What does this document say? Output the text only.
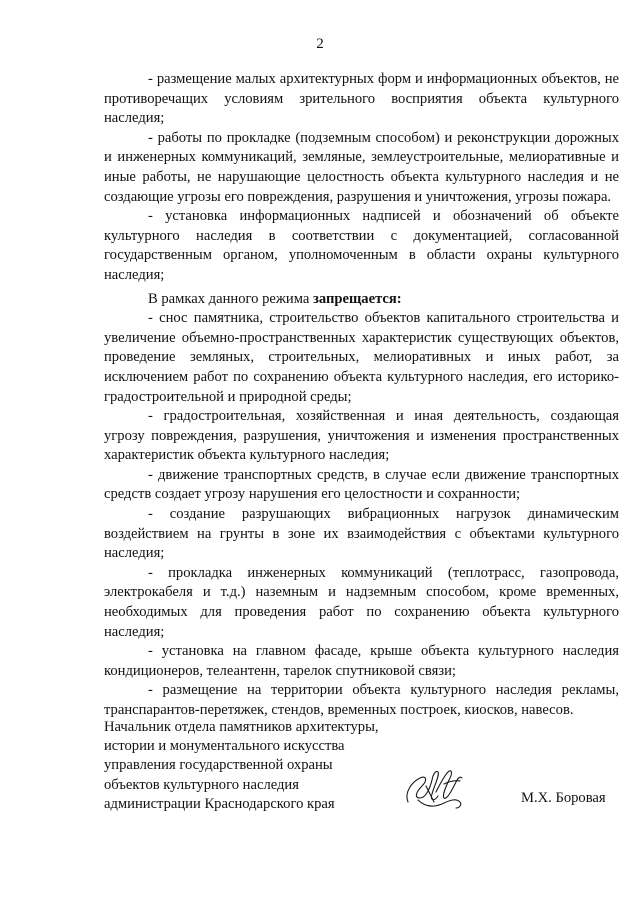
2

- размещение малых архитектурных форм и информационных объектов, не противоречащих условиям зрительного восприятия объекта культурного наследия;

- работы по прокладке (подземным способом) и реконструкции дорожных и инженерных коммуникаций, земляные, землеустроительные, мелиоративные и иные работы, не нарушающие целостность объекта культурного наследия и не создающие угрозы его повреждения, разрушения и уничтожения, угрозы пожара.

- установка информационных надписей и обозначений об объекте культурного наследия в соответствии с документацией, согласованной государственным органом, уполномоченным в области охраны культурного наследия;

В рамках данного режима запрещается:

- снос памятника, строительство объектов капитального строительства и увеличение объемно-пространственных характеристик существующих объектов, проведение земляных, строительных, мелиоративных и иных работ, за исключением работ по сохранению объекта культурного наследия, его историко-градостроительной и природной среды;

- градостроительная, хозяйственная и иная деятельность, создающая угрозу повреждения, разрушения, уничтожения и изменения пространственных характеристик объекта культурного наследия;

- движение транспортных средств, в случае если движение транспортных средств создает угрозу нарушения его целостности и сохранности;

- создание разрушающих вибрационных нагрузок динамическим воздействием на грунты в зоне их взаимодействия с объектами культурного наследия;

- прокладка инженерных коммуникаций (теплотрасс, газопровода, электрокабеля и т.д.) наземным и надземным способом, кроме временных, необходимых для проведения работ по сохранению объекта культурного наследия;

- установка на главном фасаде, крыше объекта культурного наследия кондиционеров, телеантенн, тарелок спутниковой связи;

- размещение на территории объекта культурного наследия рекламы, транспарантов-перетяжек, стендов, временных построек, киосков, навесов.

Начальник отдела памятников архитектуры,
истории и монументального искусства
управления государственной охраны
объектов культурного наследия
администрации Краснодарского края	М.Х. Боровая
